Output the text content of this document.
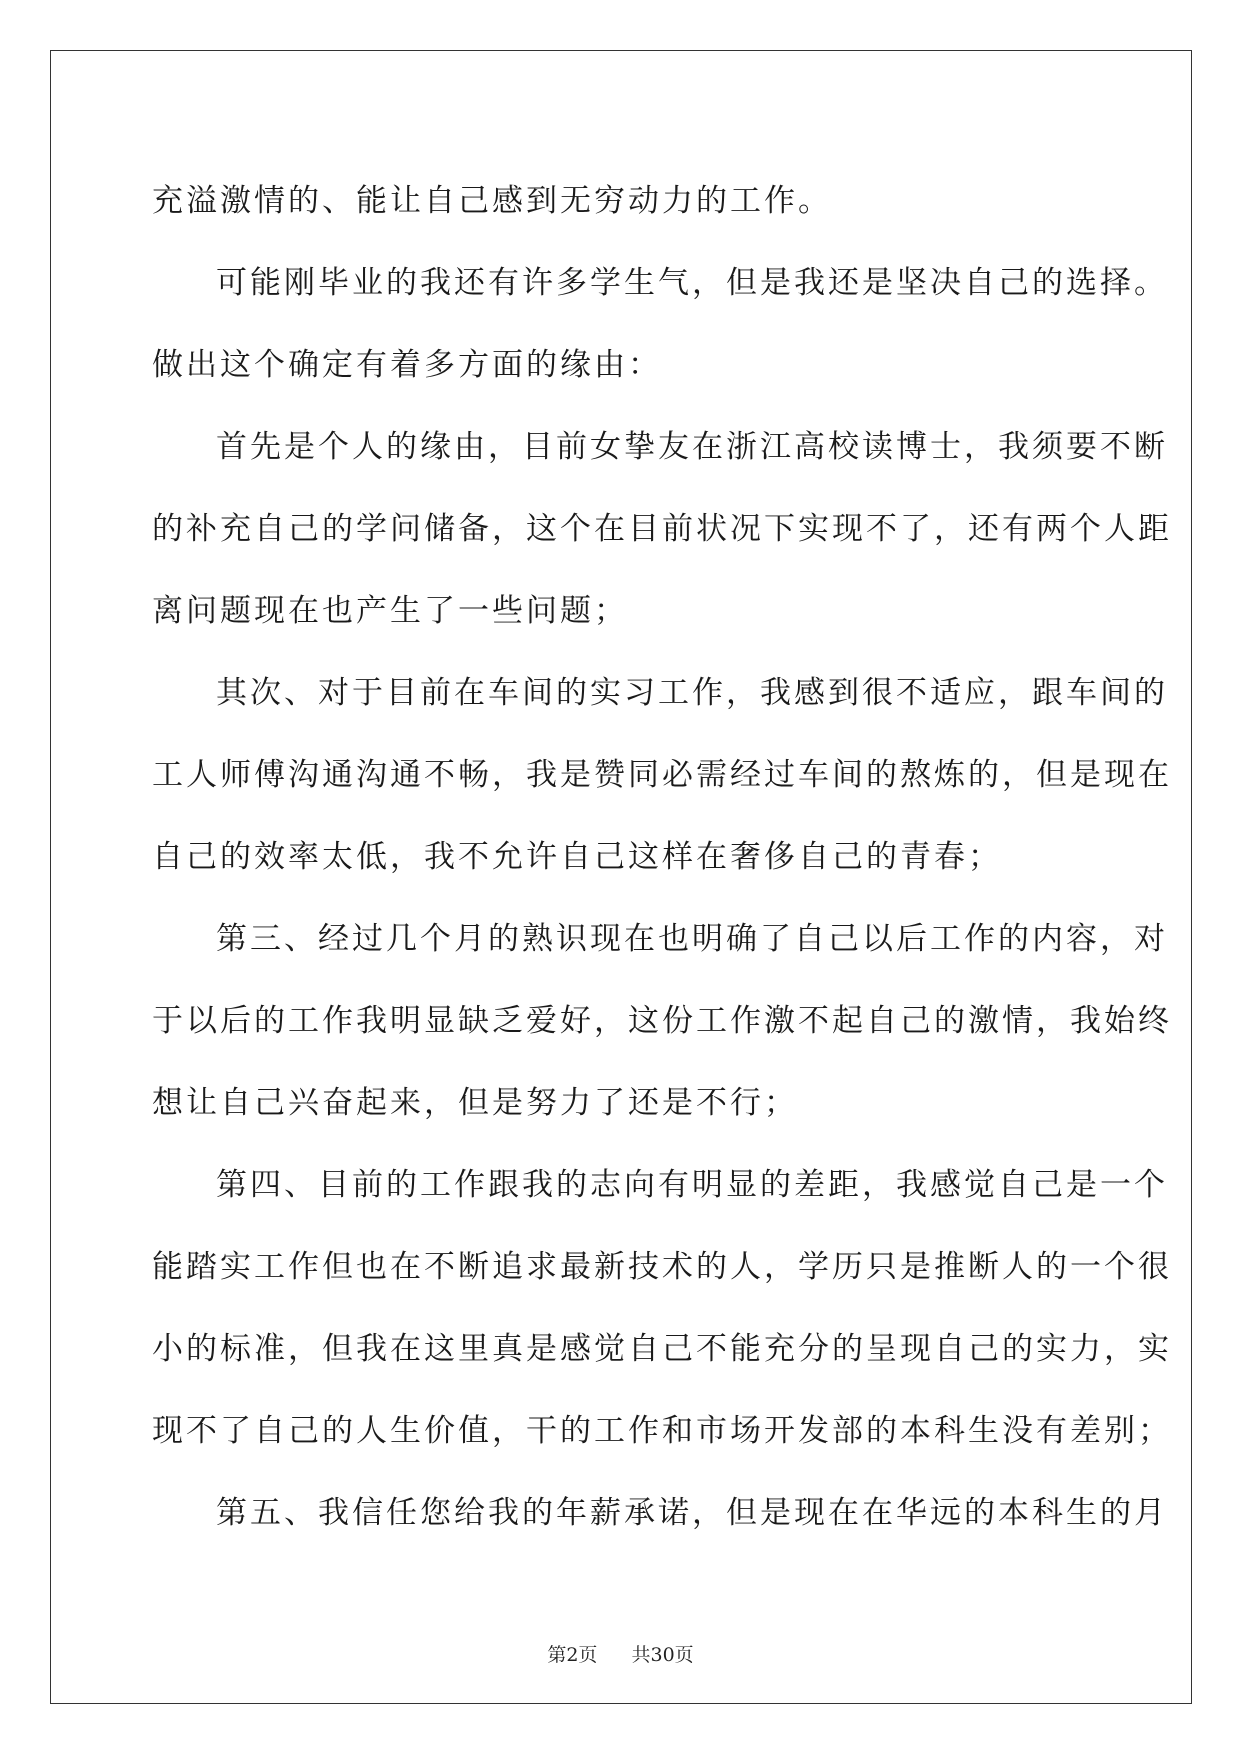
充溢激情的、能让自己感到无穷动力的工作。
可能刚毕业的我还有许多学生气，但是我还是坚决自己的选择。
做出这个确定有着多方面的缘由：
首先是个人的缘由，目前女挚友在浙江高校读博士，我须要不断
的补充自己的学问储备，这个在目前状况下实现不了，还有两个人距
离问题现在也产生了一些问题；
其次、对于目前在车间的实习工作，我感到很不适应，跟车间的
工人师傅沟通沟通不畅，我是赞同必需经过车间的熬炼的，但是现在
自己的效率太低，我不允许自己这样在奢侈自己的青春；
第三、经过几个月的熟识现在也明确了自己以后工作的内容，对
于以后的工作我明显缺乏爱好，这份工作激不起自己的激情，我始终
想让自己兴奋起来，但是努力了还是不行；
第四、目前的工作跟我的志向有明显的差距，我感觉自己是一个
能踏实工作但也在不断追求最新技术的人，学历只是推断人的一个很
小的标准，但我在这里真是感觉自己不能充分的呈现自己的实力，实
现不了自己的人生价值，干的工作和市场开发部的本科生没有差别；
第五、我信任您给我的年薪承诺，但是现在在华远的本科生的月
第2页 共30页
